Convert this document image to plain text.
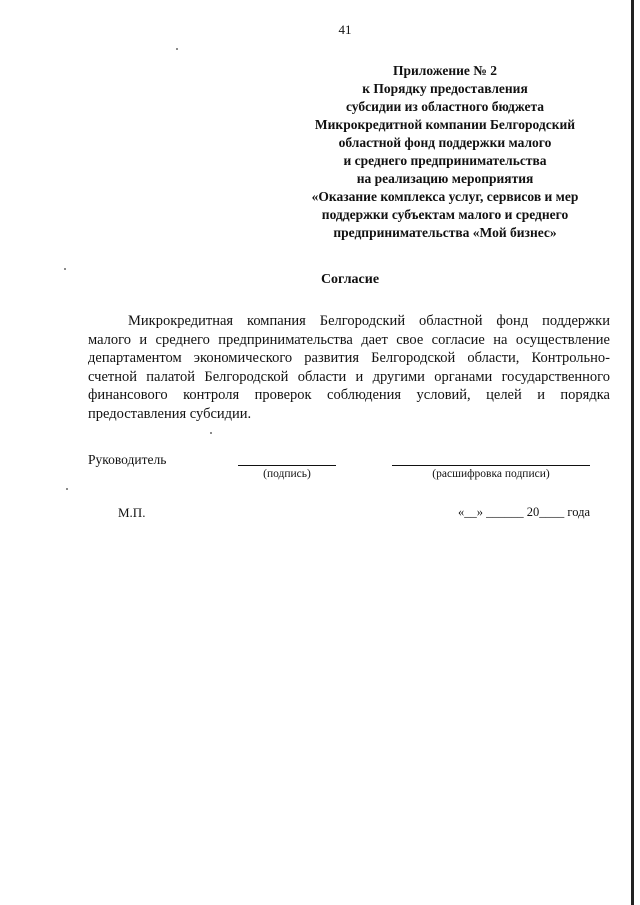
41
Приложение № 2
к Порядку предоставления
субсидии из областного бюджета
Микрокредитной компании Белгородский
областной фонд поддержки малого
и среднего предпринимательства
на реализацию мероприятия
«Оказание комплекса услуг, сервисов и мер
поддержки субъектам малого и среднего
предпринимательства «Мой бизнес»
Согласие
Микрокредитная компания Белгородский областной фонд поддержки
малого и среднего предпринимательства дает свое согласие на осуществление
департаментом экономического развития Белгородской области, Контрольно-
счетной палатой Белгородской области и другими органами государственного
финансового контроля проверок соблюдения условий, целей и порядка
предоставления субсидии.
Руководитель
(подпись)	(расшифровка подписи)
М.П.	«__» ______ 20____ года
